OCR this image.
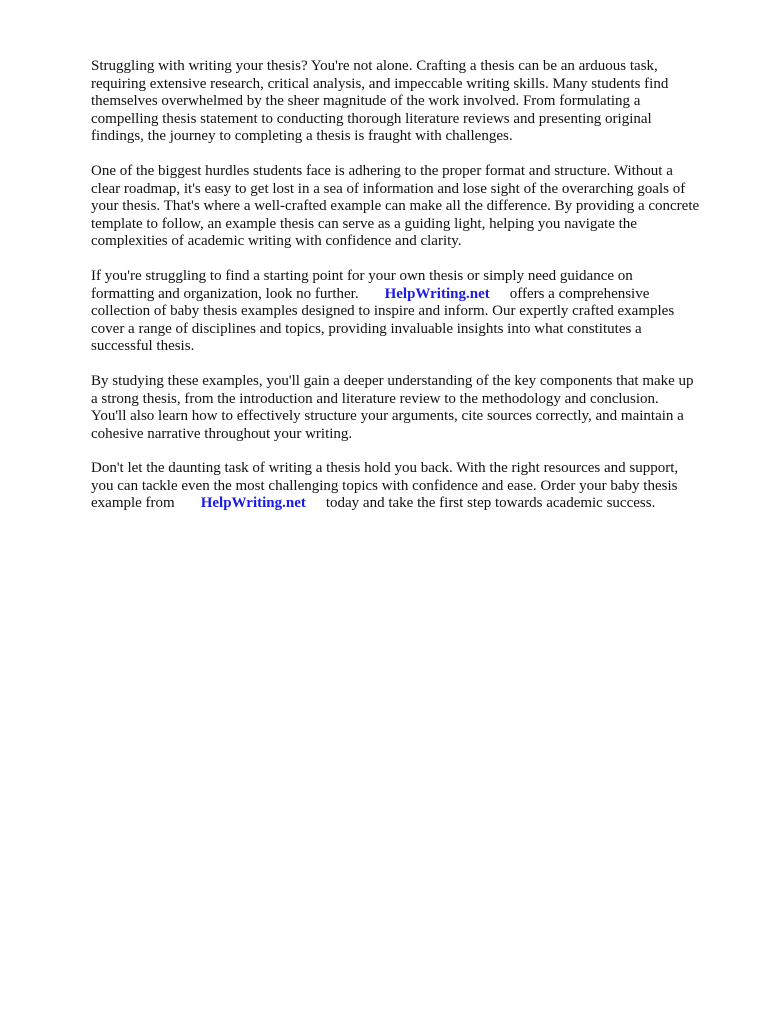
Struggling with writing your thesis? You're not alone. Crafting a thesis can be an arduous task,
requiring extensive research, critical analysis, and impeccable writing skills. Many students find
themselves overwhelmed by the sheer magnitude of the work involved. From formulating a
compelling thesis statement to conducting thorough literature reviews and presenting original
findings, the journey to completing a thesis is fraught with challenges.

One of the biggest hurdles students face is adhering to the proper format and structure. Without a
clear roadmap, it's easy to get lost in a sea of information and lose sight of the overarching goals of
your thesis. That's where a well-crafted example can make all the difference. By providing a concrete
template to follow, an example thesis can serve as a guiding light, helping you navigate the
complexities of academic writing with confidence and clarity.

If you're struggling to find a starting point for your own thesis or simply need guidance on
formatting and organization, look no further. HelpWriting.net offers a comprehensive
collection of baby thesis examples designed to inspire and inform. Our expertly crafted examples
cover a range of disciplines and topics, providing invaluable insights into what constitutes a
successful thesis.

By studying these examples, you'll gain a deeper understanding of the key components that make up
a strong thesis, from the introduction and literature review to the methodology and conclusion.
You'll also learn how to effectively structure your arguments, cite sources correctly, and maintain a
cohesive narrative throughout your writing.

Don't let the daunting task of writing a thesis hold you back. With the right resources and support,
you can tackle even the most challenging topics with confidence and ease. Order your baby thesis
example from HelpWriting.net today and take the first step towards academic success.
